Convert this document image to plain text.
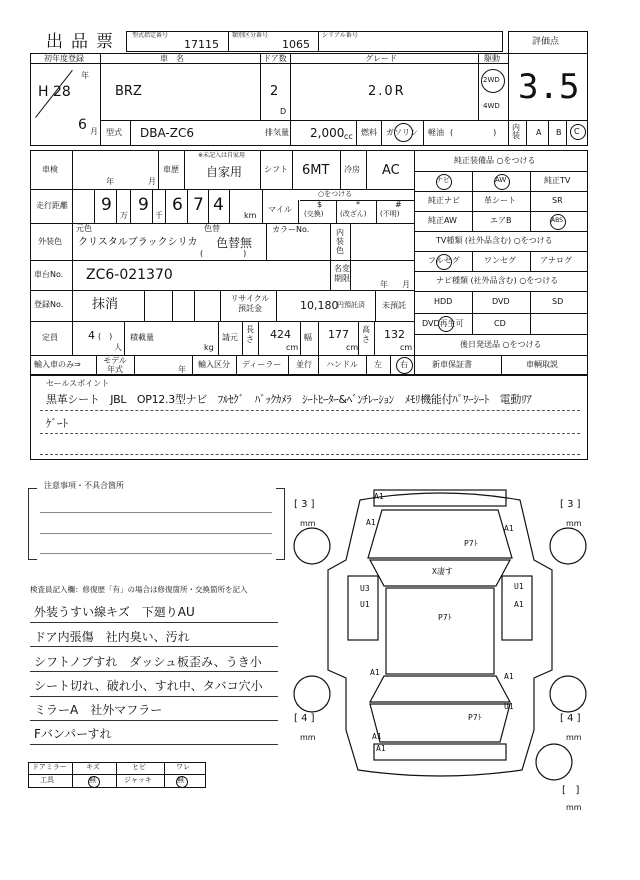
出品票 型式指定番号
17115
類別区分番号
1065
シリアル番号
評価点
3.5
初年度登録
年
H 28
6 月
車　名
BRZ
ドア数
2
D
グレード
2.0R
駆動
2WD
4WD
型式 DBA-ZC6	排気量 2,000 cc 燃料 ガソリン 軽油 (　　　　　)
内装 A B C
車検
年	月
車歴
※未記入は自家用
自家用	シフト 6MT 冷房 AC
走行距離 9 9
万	千
6 7 4
km
○をつける
マイル
$
(交換)
*
(改ざん)
#
(不明)
外装色
元色
クリスタルブラックシリカ
色替
色替無
(　　　　　)
カラーNo.	内装色
車台No. ZC6-021370	名変期限
年 月
登録No. 抹消	リサイクル預託金	10,180
円 預託済 未預託
定員	4 (　)
人
積載量
kg
請元
長さ 424
cm
幅 177
cm
高さ 132
cm
輸入車のみ⇒	モデル年式	年
輸入区分 ディーラー 並行 ハンドル 左 右
純正装備品 ○をつける
ナビ	AW	純正TV
純正ナビ	革シート	SR
純正AW	エアB	ABS
TV種類 (社外品含む) ○をつける
フルセグ	ワンセグ	アナログ
ナビ種類 (社外品含む) ○をつける
HDD	DVD	SD
DVD再生可	CD
後日発送品 ○をつける
新車保証書	車輌取説
セールスポイント
黒革シート　JBL　OP12.3型ナビ　ﾌﾙｾｸﾞ　ﾊﾞｯｸｶﾒﾗ　ｼｰﾄﾋｰﾀｰ&ﾍﾞﾝﾁﾚｰｼｮﾝ　ﾒﾓﾘ機能付ﾊﾟﾜｰｼｰﾄ　電動ﾘｱ
ｹﾞｰﾄ
注意事項・不具合箇所
検査員記入欄：修復歴「有」の場合は修復箇所・交換箇所を記入
外装うすい線キズ　下廻りAU
ドア内張傷　社内臭い、汚れ
シフトノブすれ　ダッシュ板歪み、うき小
シート切れ、破れ小、すれ中、タバコ穴小
ミラーA　社外マフラー
Fバンパーすれ
ドアミラー	キズ	ヒビ	ワレ
工具	無	ジャッキ	無
A1
A1
A1
P7ﾄ
X凄す
U3
U1
U1
A1
P7ﾄ
A1	A1
U1
P7ﾄ
A1
A1
[ 3 ]
mm
[ 3 ]
mm
[ 4 ]
mm
[ 4 ]
mm
[   ]
mm
